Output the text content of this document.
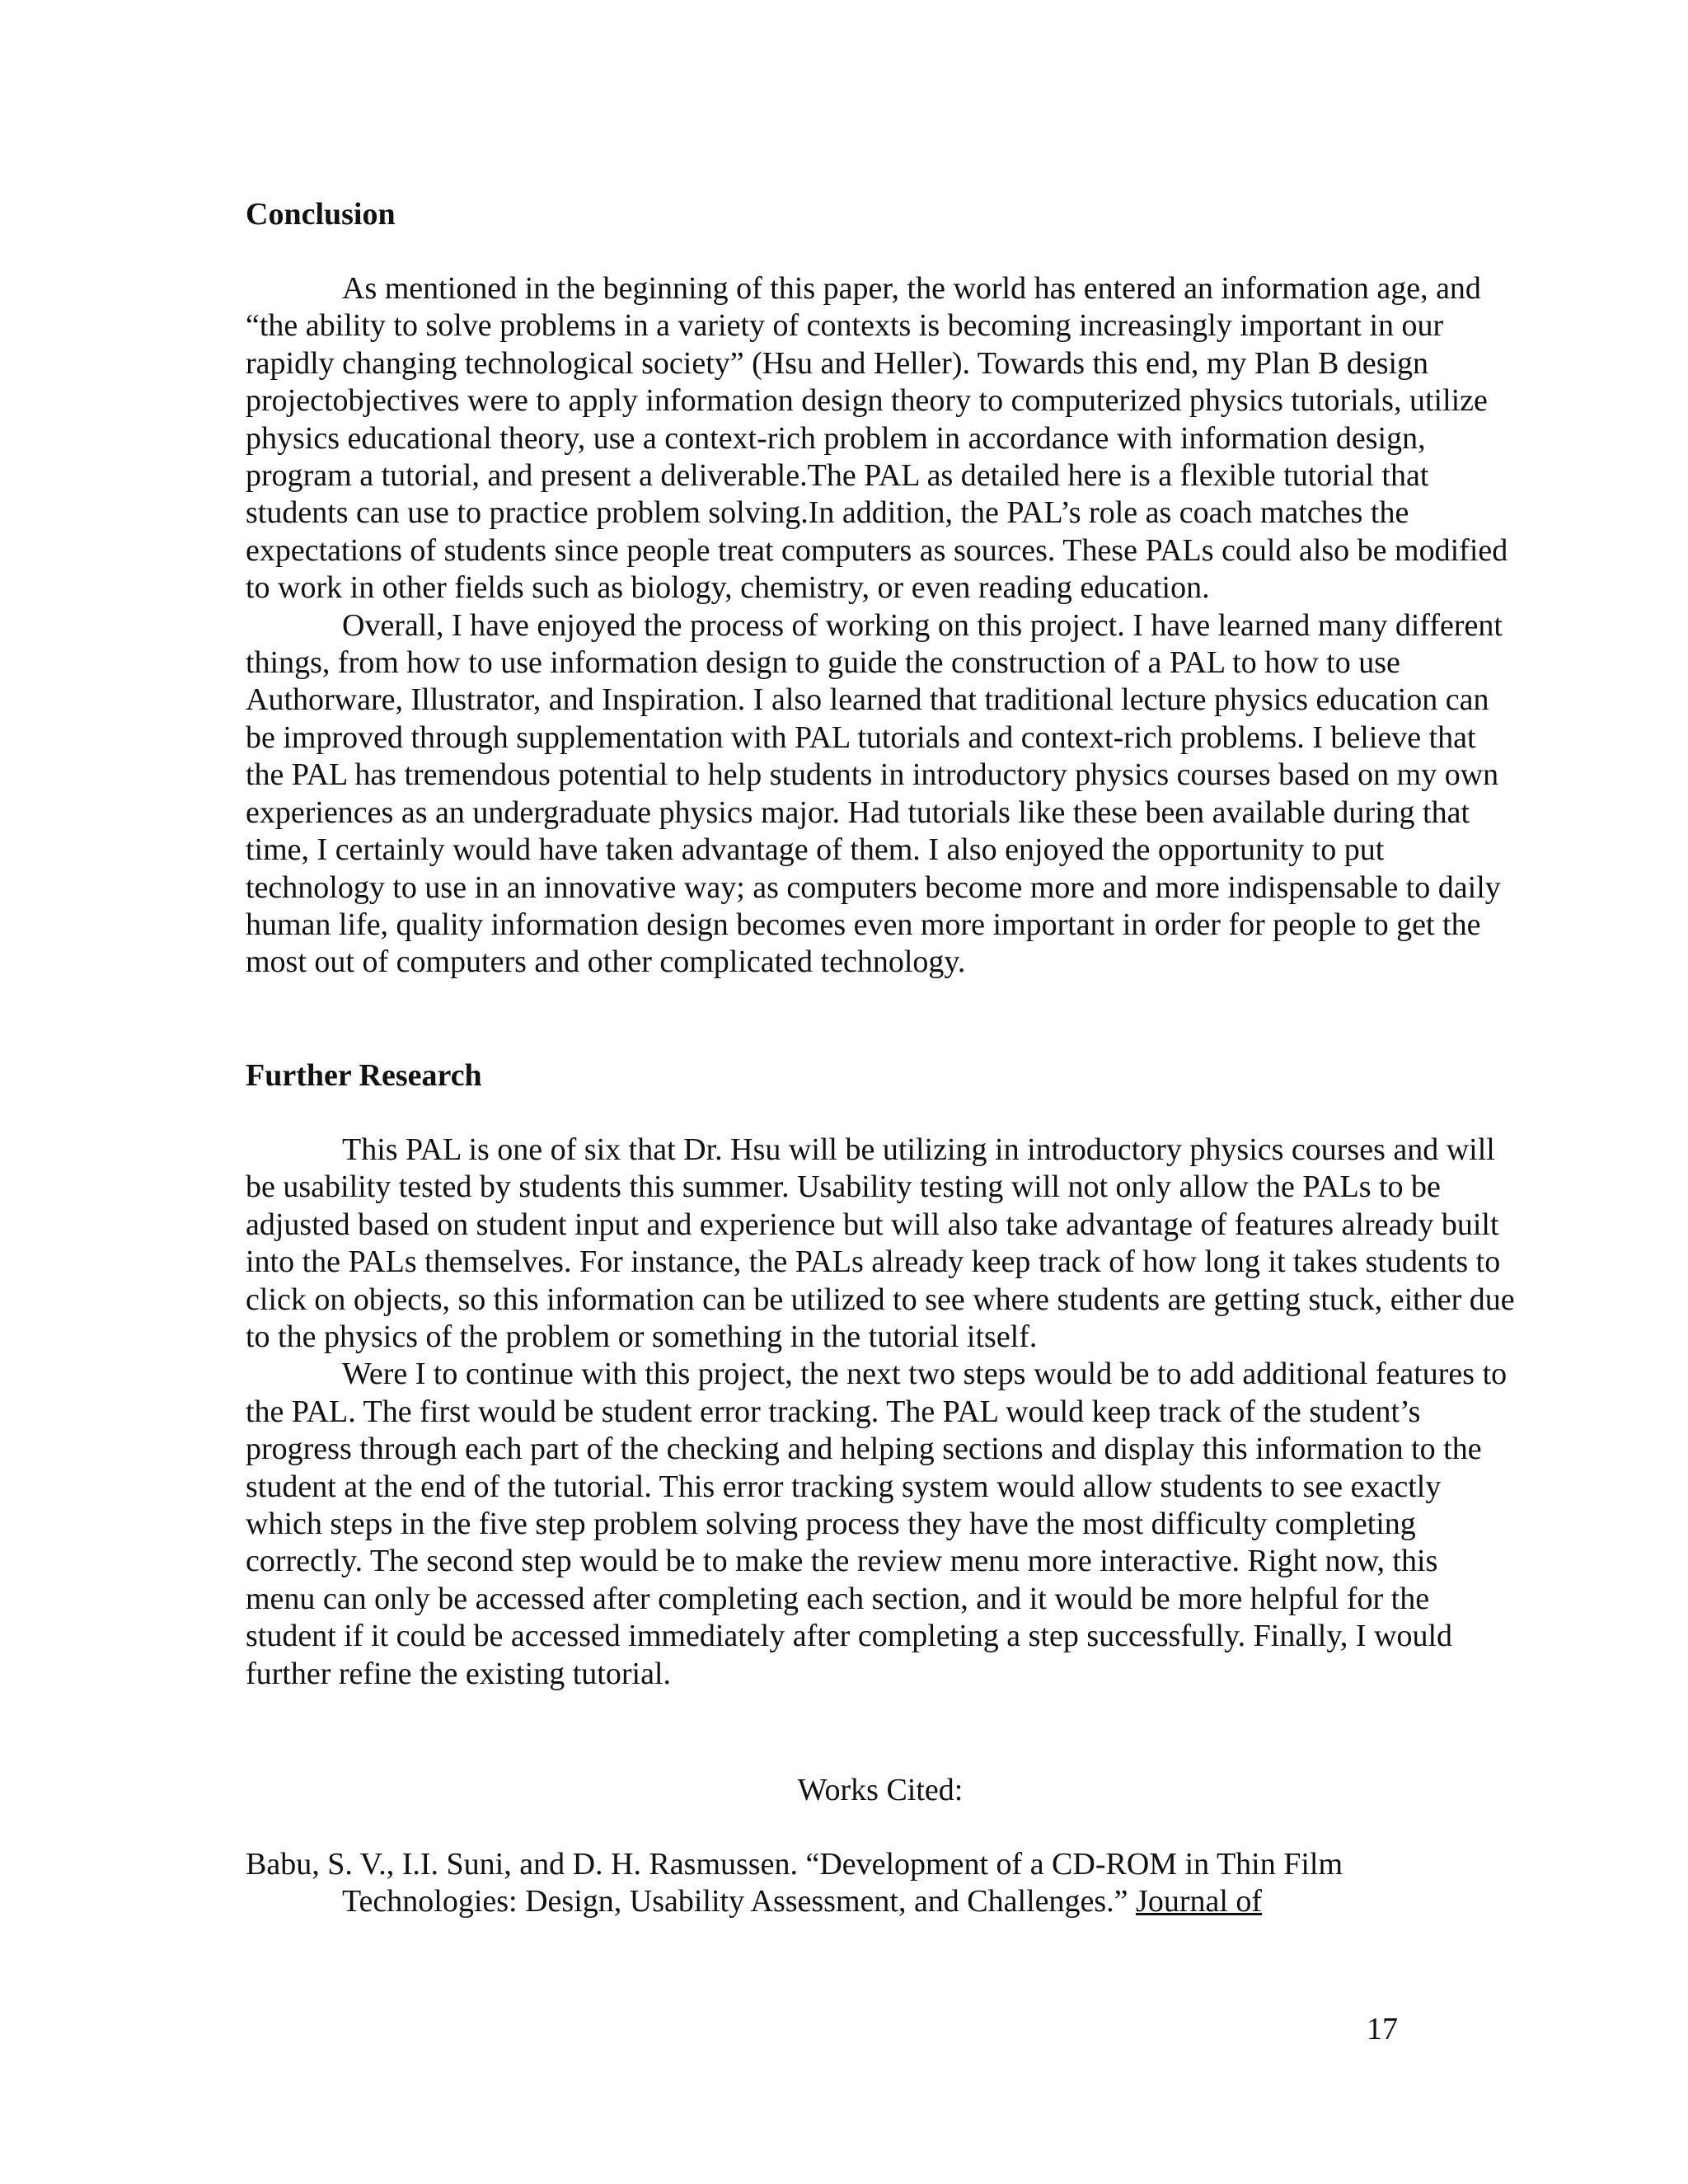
Conclusion

As mentioned in the beginning of this paper, the world has entered an information age, and “the ability to solve problems in a variety of contexts is becoming increasingly important in our rapidly changing technological society” (Hsu and Heller). Towards this end, my Plan B design projectobjectives were to apply information design theory to computerized physics tutorials, utilize physics educational theory, use a context-rich problem in accordance with information design, program a tutorial, and present a deliverable.The PAL as detailed here is a flexible tutorial that students can use to practice problem solving.In addition, the PAL’s role as coach matches the expectations of students since people treat computers as sources. These PALs could also be modified to work in other fields such as biology, chemistry, or even reading education.

Overall, I have enjoyed the process of working on this project. I have learned many different things, from how to use information design to guide the construction of a PAL to how to use Authorware, Illustrator, and Inspiration. I also learned that traditional lecture physics education can be improved through supplementation with PAL tutorials and context-rich problems. I believe that the PAL has tremendous potential to help students in introductory physics courses based on my own experiences as an undergraduate physics major. Had tutorials like these been available during that time, I certainly would have taken advantage of them. I also enjoyed the opportunity to put technology to use in an innovative way; as computers become more and more indispensable to daily human life, quality information design becomes even more important in order for people to get the most out of computers and other complicated technology.

Further Research

This PAL is one of six that Dr. Hsu will be utilizing in introductory physics courses and will be usability tested by students this summer. Usability testing will not only allow the PALs to be adjusted based on student input and experience but will also take advantage of features already built into the PALs themselves. For instance, the PALs already keep track of how long it takes students to click on objects, so this information can be utilized to see where students are getting stuck, either due to the physics of the problem or something in the tutorial itself.

Were I to continue with this project, the next two steps would be to add additional features to the PAL. The first would be student error tracking. The PAL would keep track of the student’s progress through each part of the checking and helping sections and display this information to the student at the end of the tutorial. This error tracking system would allow students to see exactly which steps in the five step problem solving process they have the most difficulty completing correctly. The second step would be to make the review menu more interactive. Right now, this menu can only be accessed after completing each section, and it would be more helpful for the student if it could be accessed immediately after completing a step successfully. Finally, I would further refine the existing tutorial.

Works Cited:

Babu, S. V., I.I. Suni, and D. H. Rasmussen. “Development of a CD-ROM in Thin Film Technologies: Design, Usability Assessment, and Challenges.” Journal of

17
